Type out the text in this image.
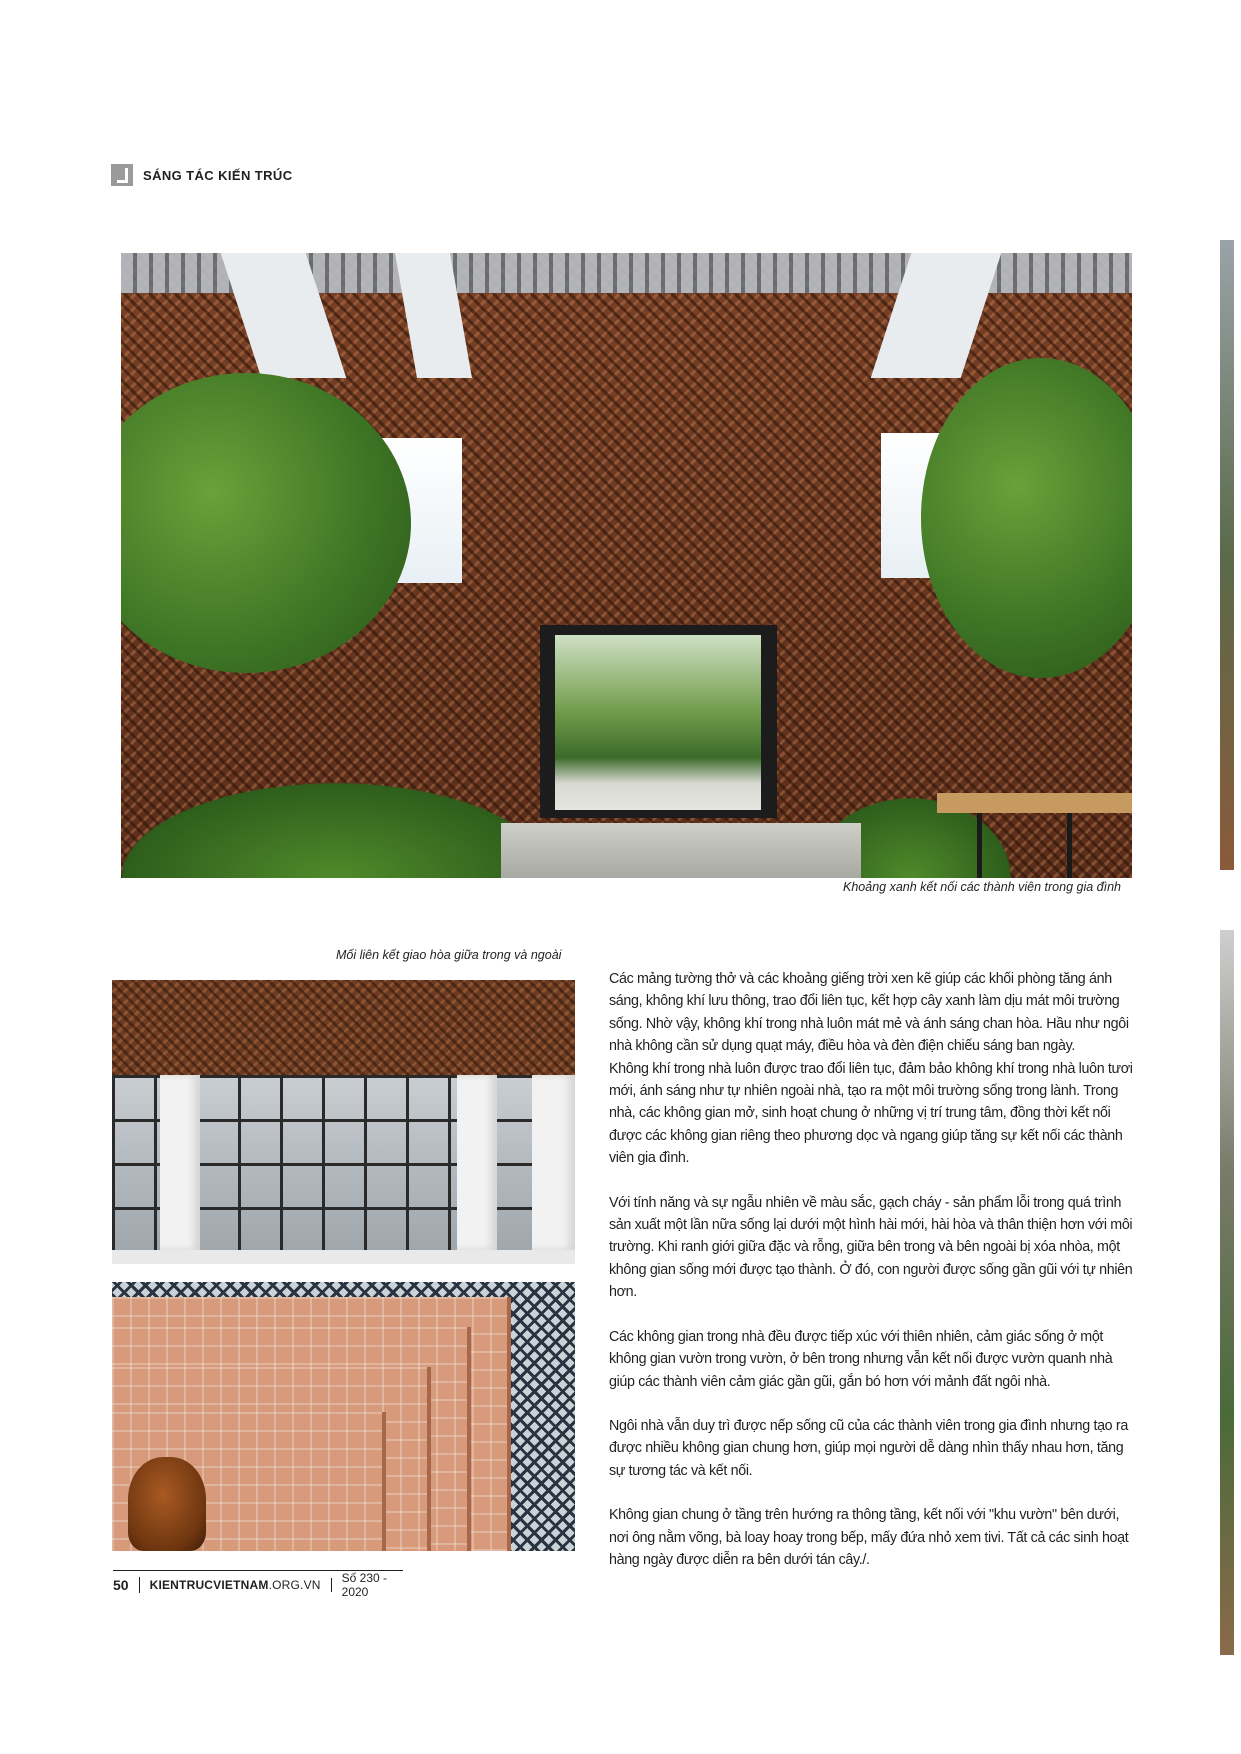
SÁNG TÁC KIẾN TRÚC
Khoảng xanh kết nối các thành viên trong gia đình
Mối liên kết giao hòa giữa trong và ngoài

Các mảng tường thở và các khoảng giếng trời xen kẽ giúp các khối phòng tăng ánh sáng, không khí lưu thông, trao đổi liên tục, kết hợp cây xanh làm dịu mát môi trường sống. Nhờ vậy, không khí trong nhà luôn mát mẻ và ánh sáng chan hòa. Hầu như ngôi nhà không cần sử dụng quạt máy, điều hòa và đèn điện chiếu sáng ban ngày.

Không khí trong nhà luôn được trao đổi liên tục, đảm bảo không khí trong nhà luôn tươi mới, ánh sáng như tự nhiên ngoài nhà, tạo ra một môi trường sống trong lành. Trong nhà, các không gian mở, sinh hoạt chung ở những vị trí trung tâm, đồng thời kết nối được các không gian riêng theo phương dọc và ngang giúp tăng sự kết nối các thành viên gia đình.

Với tính năng và sự ngẫu nhiên về màu sắc, gạch cháy - sản phẩm lỗi trong quá trình sản xuất một lần nữa sống lại dưới một hình hài mới, hài hòa và thân thiện hơn với môi trường. Khi ranh giới giữa đặc và rỗng, giữa bên trong và bên ngoài bị xóa nhòa, một không gian sống mới được tạo thành. Ở đó, con người được sống gần gũi với tự nhiên hơn.

Các không gian trong nhà đều được tiếp xúc với thiên nhiên, cảm giác sống ở một không gian vườn trong vườn, ở bên trong nhưng vẫn kết nối được vườn quanh nhà giúp các thành viên cảm giác gần gũi, gắn bó hơn với mảnh đất ngôi nhà.

Ngôi nhà vẫn duy trì được nếp sống cũ của các thành viên trong gia đình nhưng tạo ra được nhiều không gian chung hơn, giúp mọi người dễ dàng nhìn thấy nhau hơn, tăng sự tương tác và kết nối.

Không gian chung ở tầng trên hướng ra thông tầng, kết nối với "khu vườn" bên dưới, nơi ông nằm võng, bà loay hoay trong bếp, mấy đứa nhỏ xem tivi. Tất cả các sinh hoạt hàng ngày được diễn ra bên dưới tán cây./.

50	KIENTRUCVIETNAM.ORG.VN	Số 230 - 2020
